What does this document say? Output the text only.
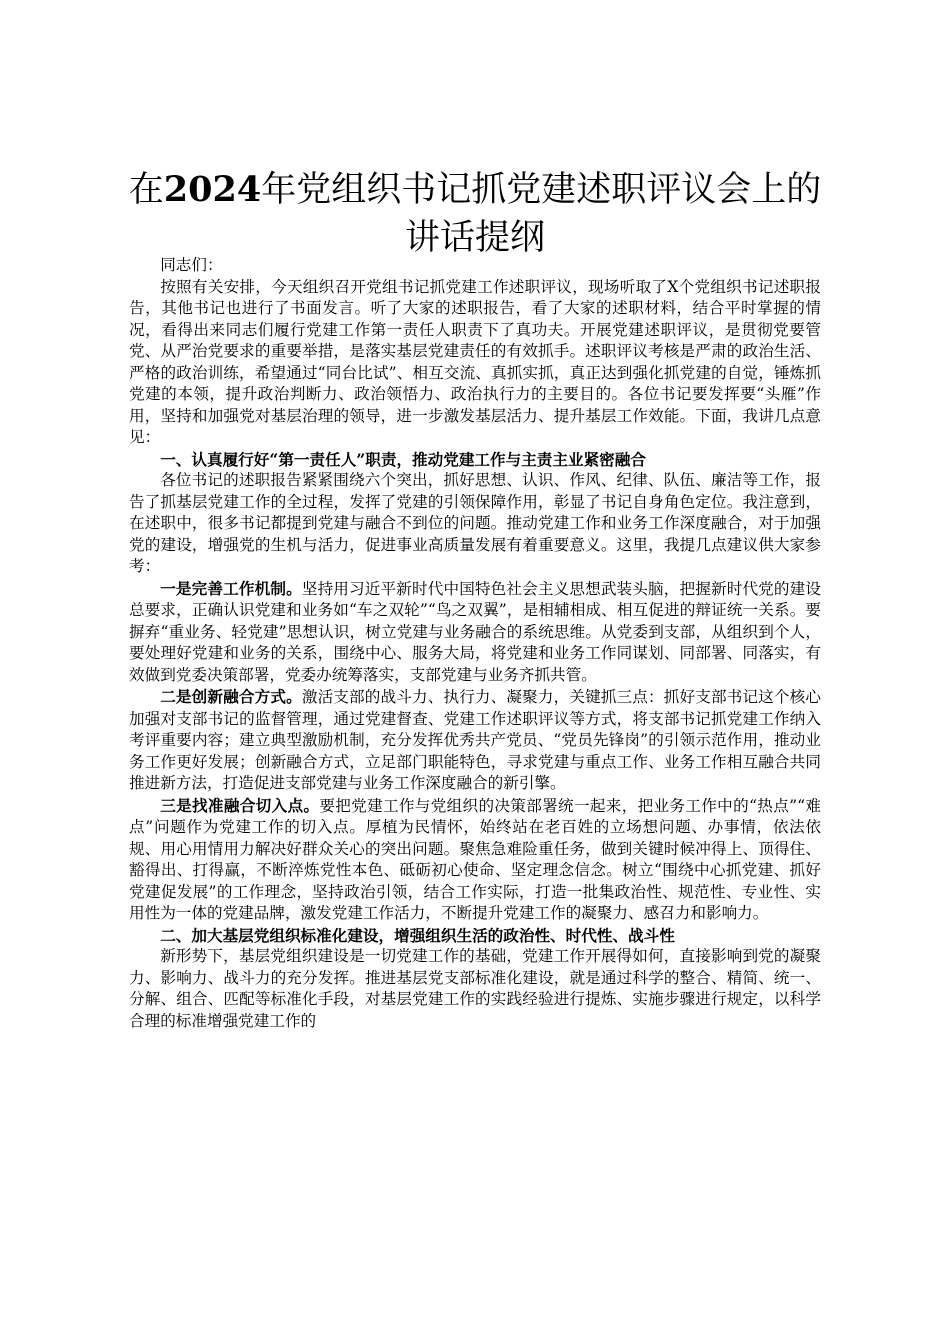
在2024年党组织书记抓党建述职评议会上的讲话提纲

同志们：

按照有关安排，今天组织召开党组书记抓党建工作述职评议，现场听取了X个党组织书记述职报告，其他书记也进行了书面发言。听了大家的述职报告，看了大家的述职材料，结合平时掌握的情况，看得出来同志们履行党建工作第一责任人职责下了真功夫。开展党建述职评议，是贯彻党要管党、从严治党要求的重要举措，是落实基层党建责任的有效抓手。述职评议考核是严肃的政治生活、严格的政治训练，希望通过“同台比试”、相互交流、真抓实抓，真正达到强化抓党建的自觉，锤炼抓党建的本领，提升政治判断力、政治领悟力、政治执行力的主要目的。各位书记要发挥要“头雁”作用，坚持和加强党对基层治理的领导，进一步激发基层活力、提升基层工作效能。下面，我讲几点意见：

一、认真履行好“第一责任人”职责，推动党建工作与主责主业紧密融合

各位书记的述职报告紧紧围绕六个突出，抓好思想、认识、作风、纪律、队伍、廉洁等工作，报告了抓基层党建工作的全过程，发挥了党建的引领保障作用，彰显了书记自身角色定位。我注意到，在述职中，很多书记都提到党建与融合不到位的问题。推动党建工作和业务工作深度融合，对于加强党的建设，增强党的生机与活力，促进事业高质量发展有着重要意义。这里，我提几点建议供大家参考：

一是完善工作机制。坚持用习近平新时代中国特色社会主义思想武装头脑，把握新时代党的建设总要求，正确认识党建和业务如“车之双轮”“鸟之双翼”，是相辅相成、相互促进的辩证统一关系。要摒弃“重业务、轻党建”思想认识，树立党建与业务融合的系统思维。从党委到支部，从组织到个人，要处理好党建和业务的关系，围绕中心、服务大局，将党建和业务工作同谋划、同部署、同落实，有效做到党委决策部署，党委办统筹落实，支部党建与业务齐抓共管。

二是创新融合方式。激活支部的战斗力、执行力、凝聚力，关键抓三点：抓好支部书记这个核心加强对支部书记的监督管理，通过党建督查、党建工作述职评议等方式，将支部书记抓党建工作纳入考评重要内容；建立典型激励机制，充分发挥优秀共产党员、“党员先锋岗”的引领示范作用，推动业务工作更好发展；创新融合方式，立足部门职能特色，寻求党建与重点工作、业务工作相互融合共同推进新方法，打造促进支部党建与业务工作深度融合的新引擎。

三是找准融合切入点。要把党建工作与党组织的决策部署统一起来，把业务工作中的“热点”“难点”问题作为党建工作的切入点。厚植为民情怀，始终站在老百姓的立场想问题、办事情，依法依规、用心用情用力解决好群众关心的突出问题。聚焦急难险重任务，做到关键时候冲得上、顶得住、豁得出、打得赢，不断淬炼党性本色、砥砺初心使命、坚定理念信念。树立“围绕中心抓党建、抓好党建促发展”的工作理念，坚持政治引领，结合工作实际，打造一批集政治性、规范性、专业性、实用性为一体的党建品牌，激发党建工作活力，不断提升党建工作的凝聚力、感召力和影响力。

二、加大基层党组织标准化建设，增强组织生活的政治性、时代性、战斗性

新形势下，基层党组织建设是一切党建工作的基础，党建工作开展得如何，直接影响到党的凝聚力、影响力、战斗力的充分发挥。推进基层党支部标准化建设，就是通过科学的整合、精简、统一、分解、组合、匹配等标准化手段，对基层党建工作的实践经验进行提炼、实施步骤进行规定，以科学合理的标准增强党建工作的
